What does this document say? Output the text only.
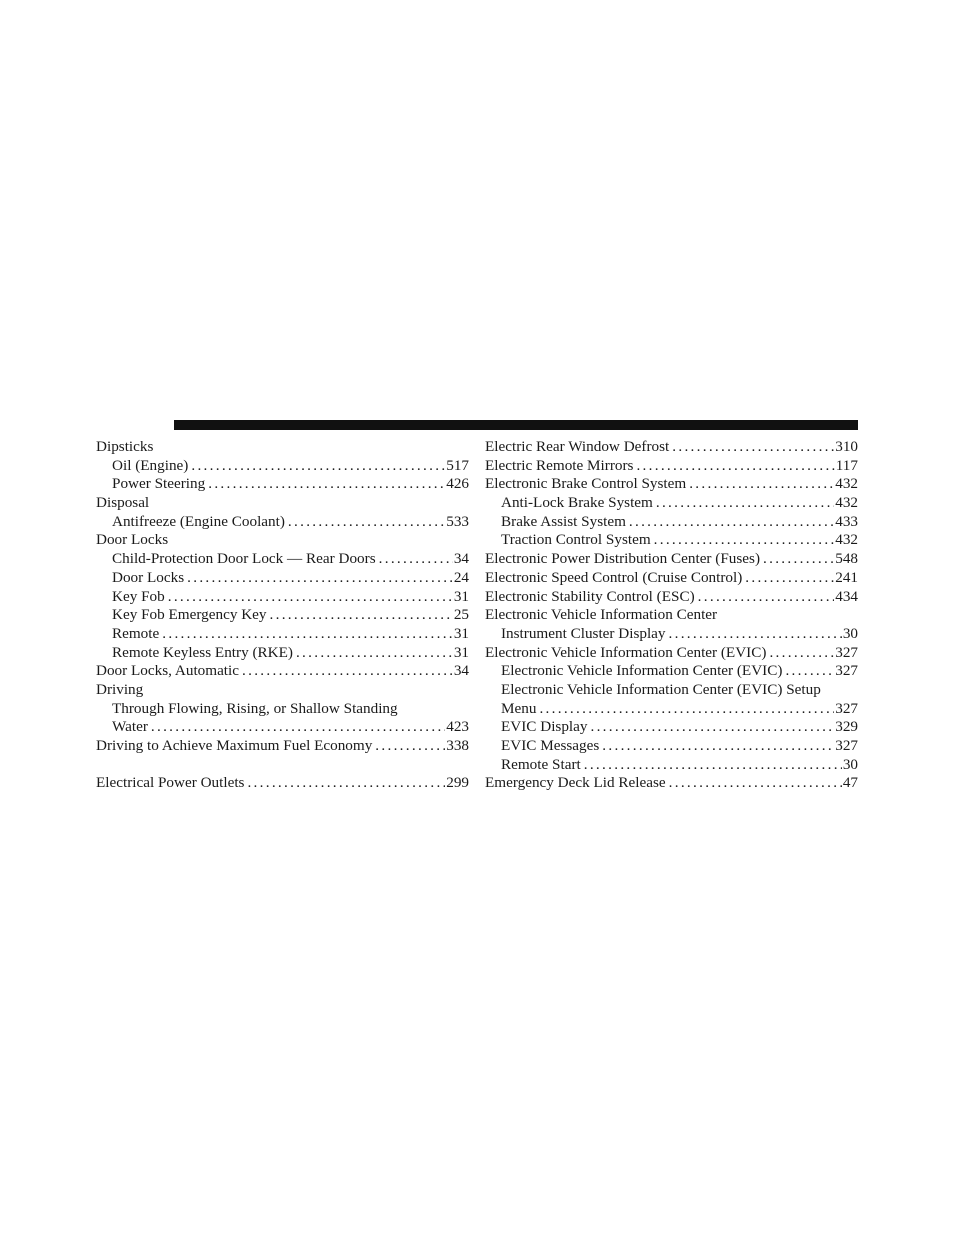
Dipsticks
Oil (Engine) .....	517
Power Steering .....	426
Disposal
Antifreeze (Engine Coolant) .....	533
Door Locks
Child-Protection Door Lock — Rear Doors .....	34
Door Locks .....	24
Key Fob .....	31
Key Fob Emergency Key .....	25
Remote .....	31
Remote Keyless Entry (RKE) .....	31
Door Locks, Automatic .....	34
Driving
Through Flowing, Rising, or Shallow Standing
Water .....	423
Driving to Achieve Maximum Fuel Economy .....	338
Electrical Power Outlets .....	299
Electric Rear Window Defrost .....	310
Electric Remote Mirrors .....	117
Electronic Brake Control System .....	432
Anti-Lock Brake System .....	432
Brake Assist System .....	433
Traction Control System .....	432
Electronic Power Distribution Center (Fuses) .....	548
Electronic Speed Control (Cruise Control) .....	241
Electronic Stability Control (ESC) .....	434
Electronic Vehicle Information Center
Instrument Cluster Display .....	30
Electronic Vehicle Information Center (EVIC) .....	327
Electronic Vehicle Information Center (EVIC) .....	327
Electronic Vehicle Information Center (EVIC) Setup
Menu .....	327
EVIC Display .....	329
EVIC Messages .....	327
Remote Start .....	30
Emergency Deck Lid Release .....	47
